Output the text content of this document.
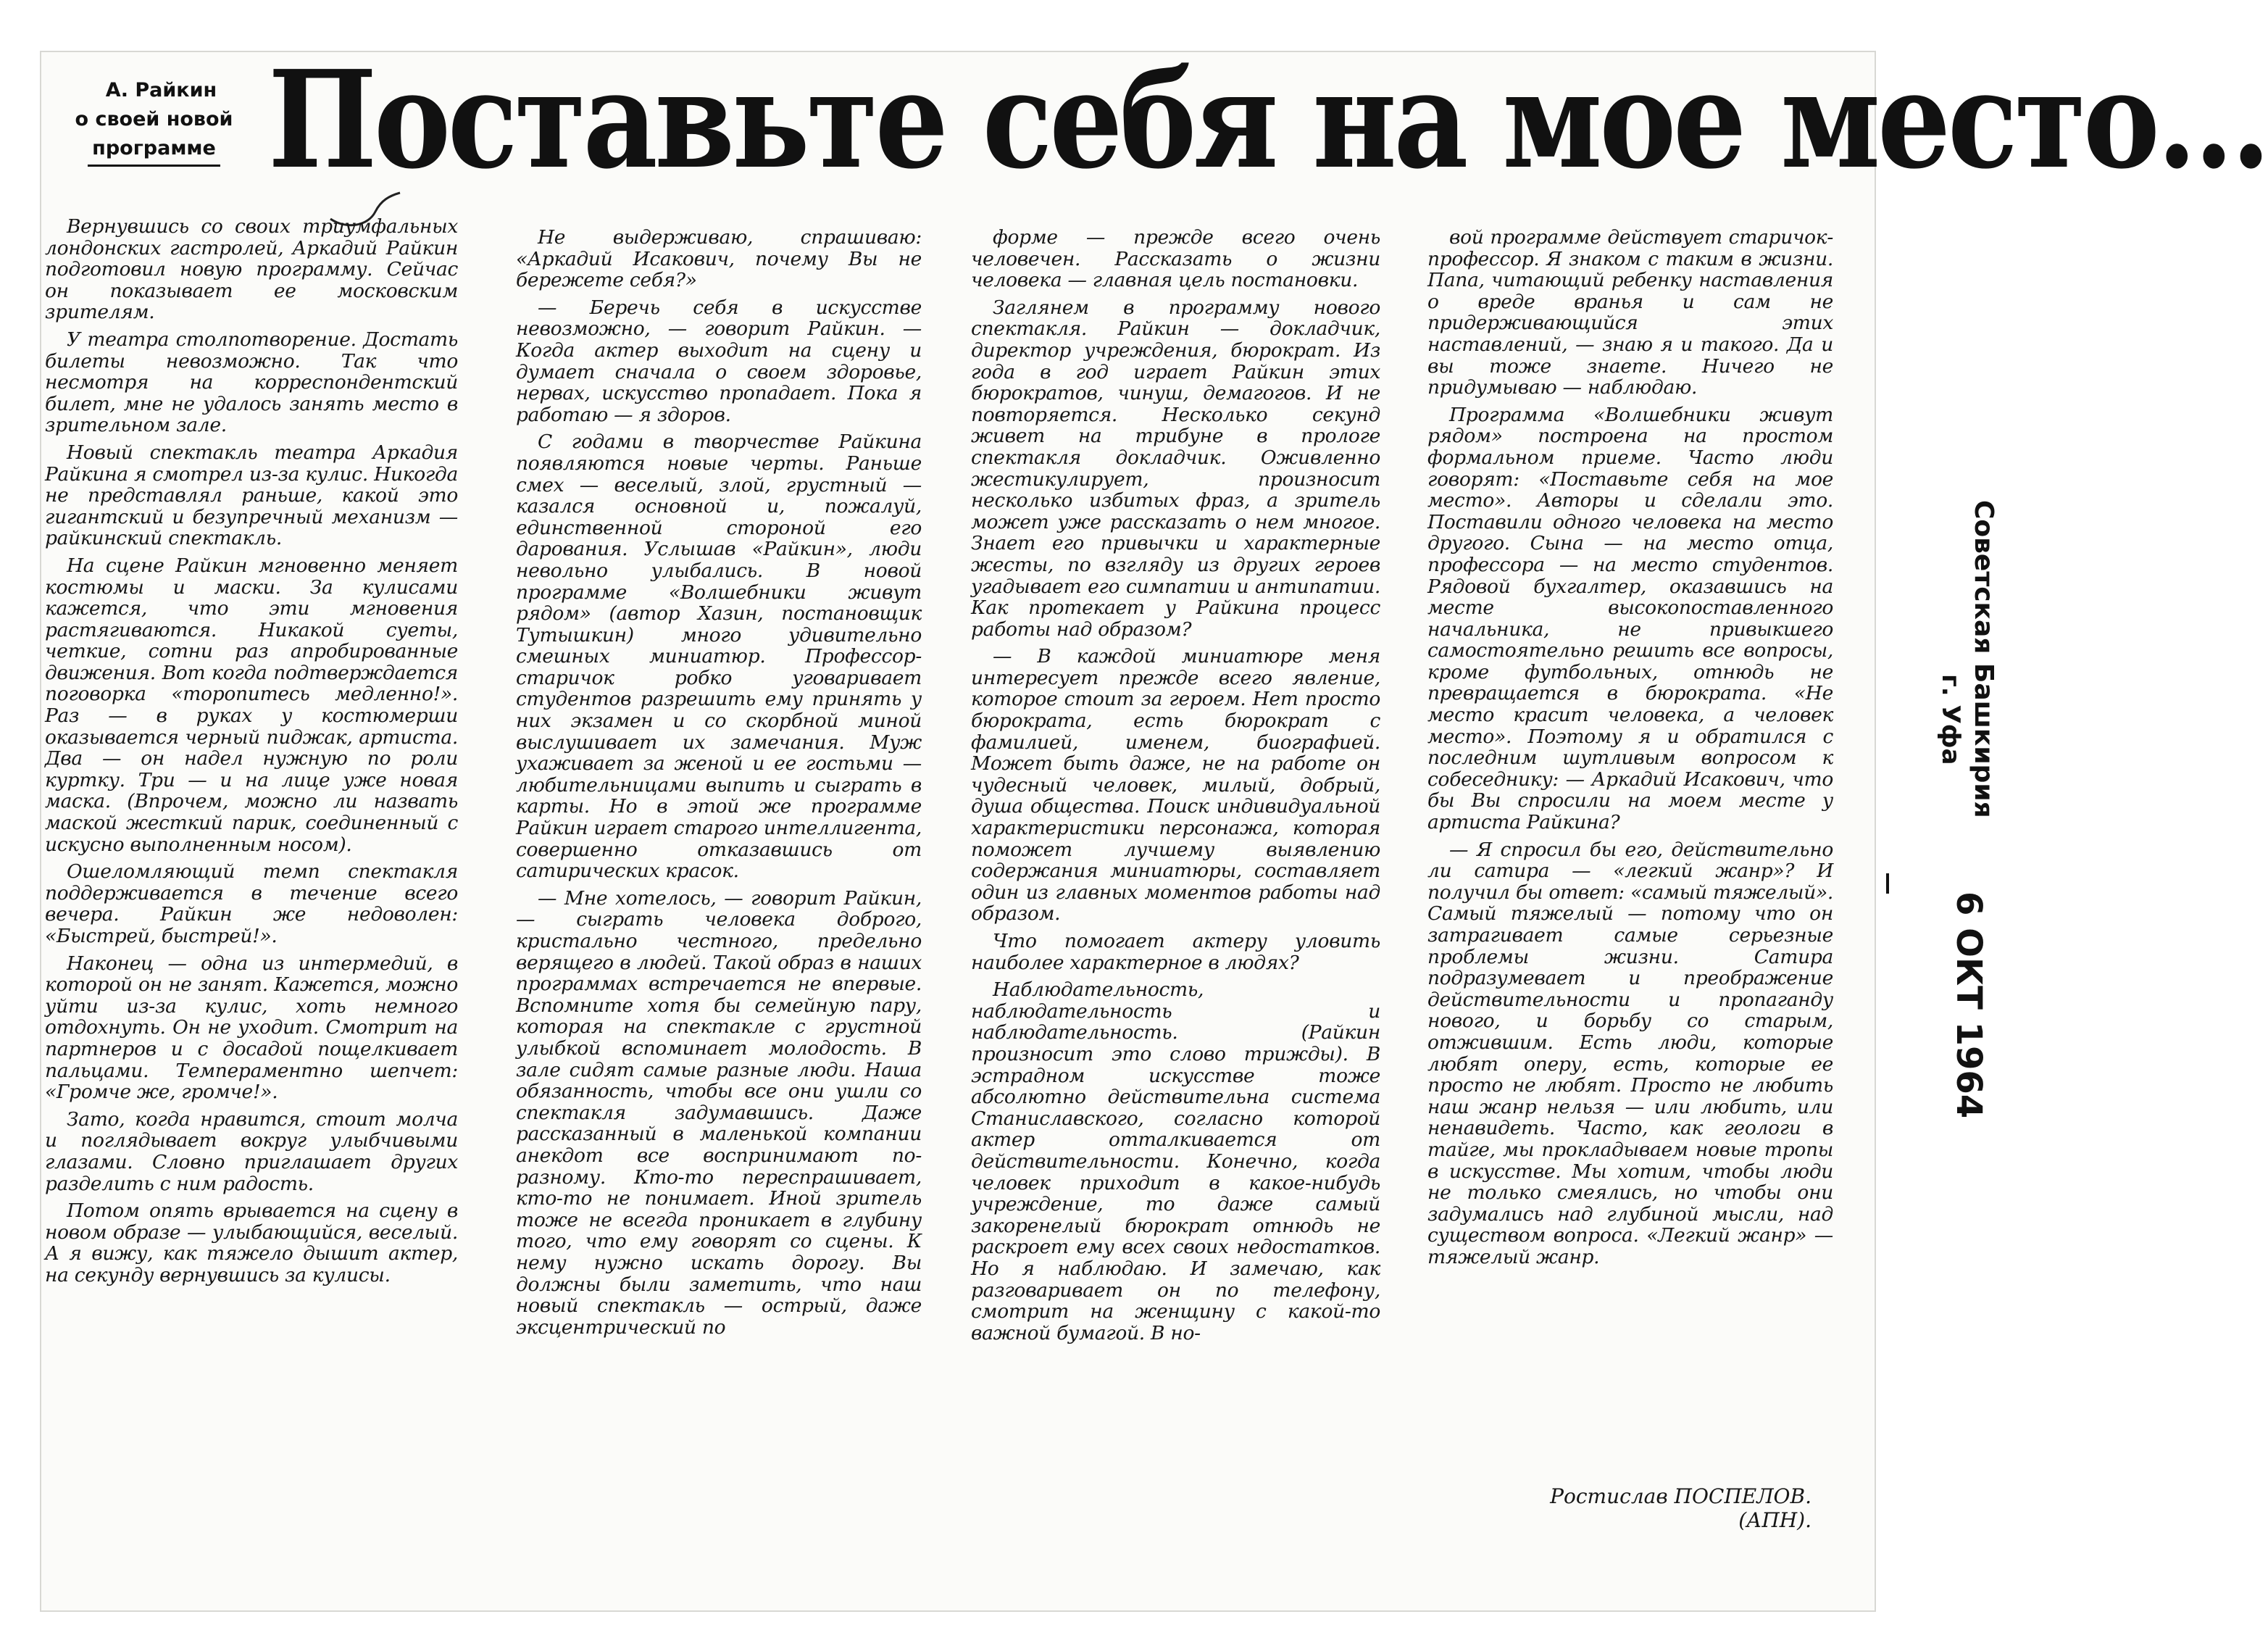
А. Райкин
о своей новой
программе Поставьте себя на мое место...

Вернувшись со своих триумфальных лондонских гастролей, Аркадий Райкин подготовил новую программу. Сейчас он показывает ее московским зрителям.

У театра столпотворение. Достать билеты невозможно. Так что несмотря на корреспондентский билет, мне не удалось занять место в зрительном зале.

Новый спектакль театра Аркадия Райкина я смотрел из-за кулис. Никогда не представлял раньше, какой это гигантский и безупречный механизм — райкинский спектакль.

На сцене Райкин мгновенно меняет костюмы и маски. За кулисами кажется, что эти мгновения растягиваются. Никакой суеты, четкие, сотни раз апробированные движения. Вот когда подтверждается поговорка «торопитесь медленно!». Раз — в руках у костюмерши оказывается черный пиджак, артиста. Два — он надел нужную по роли куртку. Три — и на лице уже новая маска. (Впрочем, можно ли назвать маской жесткий парик, соединенный с искусно выполненным носом).

Ошеломляющий темп спектакля поддерживается в течение всего вечера. Райкин же недоволен: «Быстрей, быстрей!».

Наконец — одна из интермедий, в которой он не занят. Кажется, можно уйти из-за кулис, хоть немного отдохнуть. Он не уходит. Смотрит на партнеров и с досадой пощелкивает пальцами. Темпераментно шепчет: «Громче же, громче!».

Зато, когда нравится, стоит молча и поглядывает вокруг улыбчивыми глазами. Словно приглашает других разделить с ним радость.

Потом опять врывается на сцену в новом образе — улыбающийся, веселый. А я вижу, как тяжело дышит актер, на секунду вернувшись за кулисы.

Не выдерживаю, спрашиваю: «Аркадий Исакович, почему Вы не бережете себя?»

— Беречь себя в искусстве невозможно, — говорит Райкин. — Когда актер выходит на сцену и думает сначала о своем здоровье, нервах, искусство пропадает. Пока я работаю — я здоров.

С годами в творчестве Райкина появляются новые черты. Раньше смех — веселый, злой, грустный — казался основной и, пожалуй, единственной стороной его дарования. Услышав «Райкин», люди невольно улыбались. В новой программе «Волшебники живут рядом» (автор Хазин, постановщик Тутышкин) много удивительно смешных миниатюр. Профессор-старичок робко уговаривает студентов разрешить ему принять у них экзамен и со скорбной миной выслушивает их замечания. Муж ухаживает за женой и ее гостьми — любительницами выпить и сыграть в карты. Но в этой же программе Райкин играет старого интеллигента, совершенно отказавшись от сатирических красок.

— Мне хотелось, — говорит Райкин, — сыграть человека доброго, кристально честного, предельно верящего в людей. Такой образ в наших программах встречается не впервые. Вспомните хотя бы семейную пару, которая на спектакле с грустной улыбкой вспоминает молодость. В зале сидят самые разные люди. Наша обязанность, чтобы все они ушли со спектакля задумавшись. Даже рассказанный в маленькой компании анекдот все воспринимают по-разному. Кто-то переспрашивает, кто-то не понимает. Иной зритель тоже не всегда проникает в глубину того, что ему говорят со сцены. К нему нужно искать дорогу. Вы должны были заметить, что наш новый спектакль — острый, даже эксцентрический по

форме — прежде всего очень человечен. Рассказать о жизни человека — главная цель постановки.

Заглянем в программу нового спектакля. Райкин — докладчик, директор учреждения, бюрократ. Из года в год играет Райкин этих бюрократов, чинуш, демагогов. И не повторяется. Несколько секунд живет на трибуне в прологе спектакля докладчик. Оживленно жестикулирует, произносит несколько избитых фраз, а зритель может уже рассказать о нем многое. Знает его привычки и характерные жесты, по взгляду из других героев угадывает его симпатии и антипатии. Как протекает у Райкина процесс работы над образом?

— В каждой миниатюре меня интересует прежде всего явление, которое стоит за героем. Нет просто бюрократа, есть бюрократ с фамилией, именем, биографией. Может быть даже, не на работе он чудесный человек, милый, добрый, душа общества. Поиск индивидуальной характеристики персонажа, которая поможет лучшему выявлению содержания миниатюры, составляет один из главных моментов работы над образом.

Что помогает актеру уловить наиболее характерное в людях?

Наблюдательность, наблюдательность и наблюдательность. (Райкин произносит это слово трижды). В эстрадном искусстве тоже абсолютно действительна система Станиславского, согласно которой актер отталкивается от действительности. Конечно, когда человек приходит в какое-нибудь учреждение, то даже самый закоренелый бюрократ отнюдь не раскроет ему всех своих недостатков. Но я наблюдаю. И замечаю, как разговаривает он по телефону, смотрит на женщину с какой-то важной бумагой. В но-

вой программе действует старичок-профессор. Я знаком с таким в жизни. Папа, читающий ребенку наставления о вреде вранья и сам не придерживающийся этих наставлений, — знаю я и такого. Да и вы тоже знаете. Ничего не придумываю — наблюдаю.

Программа «Волшебники живут рядом» построена на простом формальном приеме. Часто люди говорят: «Поставьте себя на мое место». Авторы и сделали это. Поставили одного человека на место другого. Сына — на место отца, профессора — на место студентов. Рядовой бухгалтер, оказавшись на месте высокопоставленного начальника, не привыкшего самостоятельно решить все вопросы, кроме футбольных, отнюдь не превращается в бюрократа. «Не место красит человека, а человек место». Поэтому я и обратился с последним шутливым вопросом к собеседнику: — Аркадий Исакович, что бы Вы спросили на моем месте у артиста Райкина?

— Я спросил бы его, действительно ли сатира — «легкий жанр»? И получил бы ответ: «самый тяжелый». Самый тяжелый — потому что он затрагивает самые серьезные проблемы жизни. Сатира подразумевает и преображение действительности и пропаганду нового, и борьбу со старым, отжившим. Есть люди, которые любят оперу, есть, которые ее просто не любят. Просто не любить наш жанр нельзя — или любить, или ненавидеть. Часто, как геологи в тайге, мы прокладываем новые тропы в искусстве. Мы хотим, чтобы люди не только смеялись, но чтобы они задумались над глубиной мысли, над существом вопроса. «Легкий жанр» — тяжелый жанр.

Ростислав ПОСПЕЛОВ.
(АПН).
Советская Башкирия
г. Уфа
6 ОКТ 1964
